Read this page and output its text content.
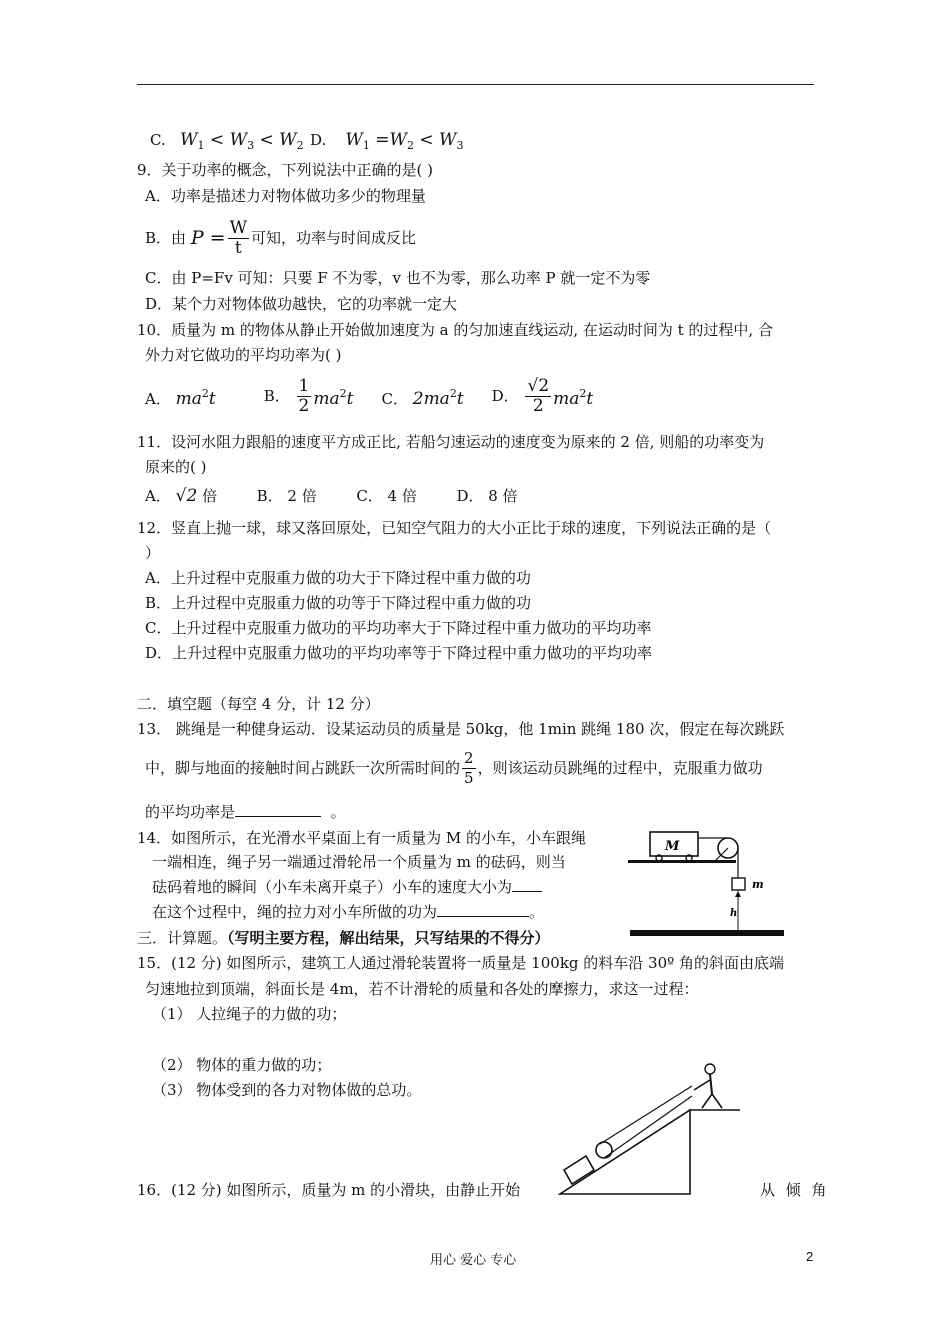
C. $W_1 < W_3 < W_2$ D. $W_1 =W_2 < W_3$
9．关于功率的概念，下列说法中正确的是( )
A．功率是描述力对物体做功多少的物理量
B．由
$P = \frac{W}{t}$ 可知，功率与时间成反比
C．由 P=Fv 可知：只要 F 不为零，v 也不为零，那么功率 P 就一定不为零
D．某个力对物体做功越快，它的功率就一定大
10．质量为 m 的物体从静止开始做加速度为 a 的匀加速直线运动, 在运动时间为 t 的过程中, 合
外力对它做功的平均功率为( )
A． $ma^2t$	B．
$\frac{1}{2} ma^2t$ C． $2ma^2t$ D．
$\frac{√2}{2} ma^2t$
11．设河水阻力跟船的速度平方成正比, 若船匀速运动的速度变为原来的 2 倍, 则船的功率变为
原来的( )
A． √2 倍	B． 2 倍	C． 4 倍	D． 8 倍
12．竖直上抛一球，球又落回原处，已知空气阻力的大小正比于球的速度，下列说法正确的是（
）
A．上升过程中克服重力做的功大于下降过程中重力做的功
B．上升过程中克服重力做的功等于下降过程中重力做的功
C．上升过程中克服重力做功的平均功率大于下降过程中重力做功的平均功率
D．上升过程中克服重力做功的平均功率等于下降过程中重力做功的平均功率
二．填空题（每空 4 分，计 12 分）
13． 跳绳是一种健身运动．设某运动员的质量是 50kg，他 1min 跳绳 180 次，假定在每次跳跃
中，脚与地面的接触时间占跳跃一次所需时间的 $\frac{2}{5}$ ，则该运动员跳绳的过程中，克服重力做功
的平均功率是	。
14．如图所示，在光滑水平桌面上有一质量为 M 的小车，小车跟绳
一端相连，绳子另一端通过滑轮吊一个质量为 m 的砝码，则当
砝码着地的瞬间（小车未离开桌子）小车的速度大小为
在这个过程中，绳的拉力对小车所做的功为	。
M
m
h
三．计算题。（写明主要方程，解出结果，只写结果的不得分）
15．(12 分) 如图所示，建筑工人通过滑轮装置将一质量是 100kg 的料车沿 30º 角的斜面由底端
匀速地拉到顶端，斜面长是 4m，若不计滑轮的质量和各处的摩擦力，求这一过程：
（1） 人拉绳子的力做的功；
（2） 物体的重力做的功；
（3） 物体受到的各力对物体做的总功。
16．(12 分) 如图所示，质量为 m 的小滑块，由静止开始	从 倾 角
用心 爱心 专心	2
